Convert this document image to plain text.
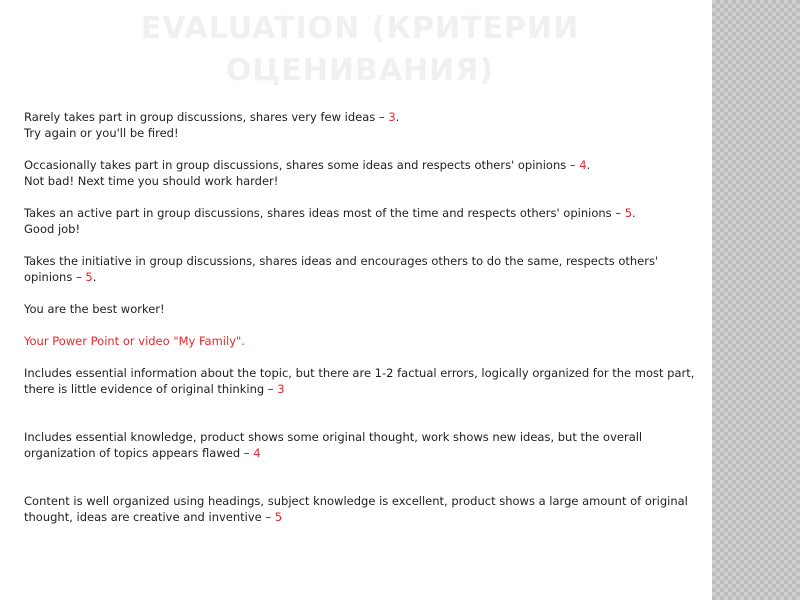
EVALUATION (КРИТЕРИИ ОЦЕНИВАНИЯ)
Rarely takes part in group discussions, shares very few ideas – 3.
Try again or you'll be fired!
Occasionally takes part in group discussions, shares some ideas and respects others' opinions – 4.
Not bad! Next time you should work harder!
Takes an active part in group discussions, shares ideas most of the time and respects others' opinions – 5.
Good job!
Takes the initiative in group discussions, shares ideas and encourages others to do the same, respects others' opinions – 5.
You are the best worker!
Your Power Point or video "My Family".
Includes essential information about the topic, but there are 1-2 factual errors, logically organized for the most part, there is little evidence of original thinking – 3
Includes essential knowledge, product shows some original thought, work shows new ideas, but the overall organization of topics appears flawed – 4
Content is well organized using headings, subject knowledge is excellent, product shows a large amount of original thought, ideas are creative and inventive – 5
